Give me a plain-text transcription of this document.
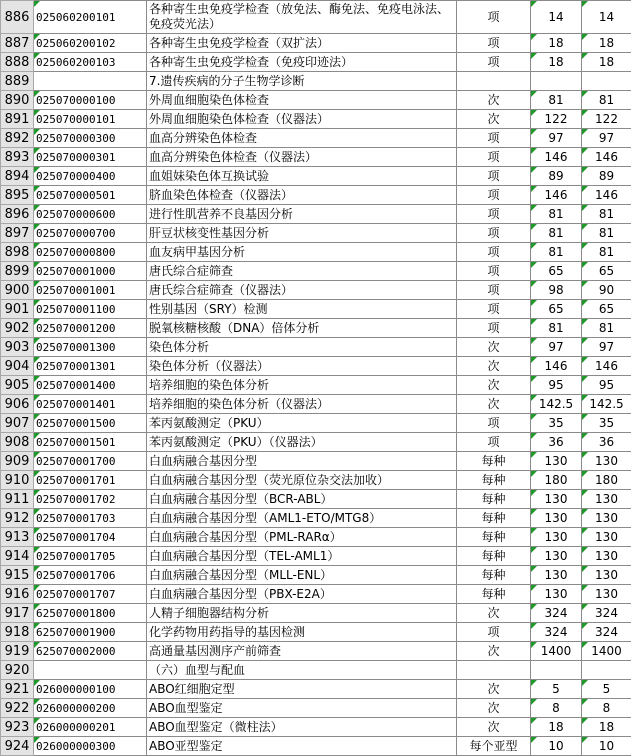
886	025060200101	各种寄生虫免疫学检查（放免法、酶免法、免疫电泳法、免疫荧光法）	项	14	14
887	025060200102	各种寄生虫免疫学检查（双扩法）	项	18	18
888	025060200103	各种寄生虫免疫学检查（免疫印迹法）	项	18	18
889		7.遗传疾病的分子生物学诊断			
890	025070000100	外周血细胞染色体检查	次	81	81
891	025070000101	外周血细胞染色体检查（仪器法）	次	122	122
892	025070000300	血高分辨染色体检查	项	97	97
893	025070000301	血高分辨染色体检查（仪器法）	项	146	146
894	025070000400	血姐妹染色体互换试验	项	89	89
895	025070000501	脐血染色体检查（仪器法）	项	146	146
896	025070000600	进行性肌营养不良基因分析	项	81	81
897	025070000700	肝豆状核变性基因分析	项	81	81
898	025070000800	血友病甲基因分析	项	81	81
899	025070001000	唐氏综合症筛查	项	65	65
900	025070001001	唐氏综合症筛查（仪器法）	项	98	90
901	025070001100	性别基因（SRY）检测	项	65	65
902	025070001200	脱氧核糖核酸（DNA）倍体分析	项	81	81
903	025070001300	染色体分析	次	97	97
904	025070001301	染色体分析（仪器法）	次	146	146
905	025070001400	培养细胞的染色体分析	次	95	95
906	025070001401	培养细胞的染色体分析（仪器法）	次	142.5	142.5
907	025070001500	苯丙氨酸测定（PKU）	项	35	35
908	025070001501	苯丙氨酸测定（PKU）（仪器法）	项	36	36
909	025070001700	白血病融合基因分型	每种	130	130
910	025070001701	白血病融合基因分型（荧光原位杂交法加收）	每种	180	180
911	025070001702	白血病融合基因分型（BCR-ABL）	每种	130	130
912	025070001703	白血病融合基因分型（AML1-ETO/MTG8）	每种	130	130
913	025070001704	白血病融合基因分型（PML-RARα）	每种	130	130
914	025070001705	白血病融合基因分型（TEL-AML1）	每种	130	130
915	025070001706	白血病融合基因分型（MLL-ENL）	每种	130	130
916	025070001707	白血病融合基因分型（PBX-E2A）	每种	130	130
917	625070001800	人精子细胞器结构分析	次	324	324
918	625070001900	化学药物用药指导的基因检测	项	324	324
919	625070002000	高通量基因测序产前筛查	次	1400	1400
920		（六）血型与配血			
921	026000000100	ABO红细胞定型	次	5	5
922	026000000200	ABO血型鉴定	次	8	8
923	026000000201	ABO血型鉴定（微柱法）	次	18	18
924	026000000300	ABO亚型鉴定	每个亚型	10	10
